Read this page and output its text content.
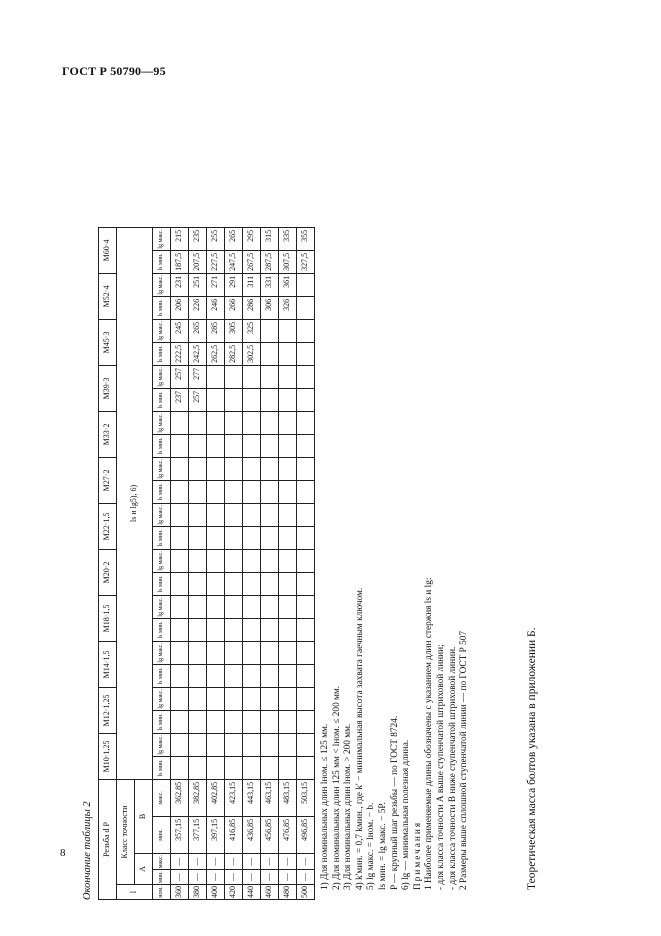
ГОСТ Р 50790—95
8 Окончание таблицы 2 Резьба d P					M10·1,25		M12·1,25		M14·1,5		M18·1,5		M20·2		M22·1,5		M27·2		M33·2		M39·3		M45·3		M52·4		M60·4	
l	Класс точности				ls и lg5), 6)																							
	А		В																									
ном.	мин.	макс.	мин.	макс.	ls мин.	lg макс.	ls мин.	lg макс.	ls мин.	lg макс.	ls мин.	lg макс.	ls мин.	lg макс.	ls мин.	lg макс.	ls мин.	lg макс.	ls мин.	lg макс.	ls мин.	lg макс.	ls мин.	lg макс.	ls мин.	lg макс.	ls мин.	lg макс.
360	—	—	357,15	362,85																	237	257	222,5	245	206	231	187,5	215
380	—	—	377,15	382,85																	257	277	242,5	265	226	251	207,5	235
400	—	—	397,15	402,85																			262,5	285	246	271	227,5	255
420	—	—	416,85	423,15																			282,5	305	266	291	247,5	265
440	—	—	436,85	443,15																			302,5	325	286	311	267,5	295
460	—	—	456,85	463,15																					306	331	287,5	315
480	—	—	476,85	483,15																					326	361	307,5	335
500	—	—	496,85	503,15																							327,5	355
1) Для номинальных длин lном. ≤ 125 мм. 2) Для номинальных длин 125 мм < lном. ≤ 200 мм. 3) Для номинальных длин lном. > 200 мм. 4) k'мин. = 0,7 kмин., где k' − минимальная высота захвата гаечным ключом. 5) lg макс. = lном. − b. ls мин. = lg макс. − 5P. P — крупный шаг резьбы — по ГОСТ 8724. 6) lg — минимальная полезная длина. Примечания 1 Наиболее применяемые длины обозначены с указанием длин стержня ls и lg: - для класса точности А выше ступенчатой штриховой линии; - для класса точности В ниже ступенчатой штриховой линии. 2 Размеры выше сплошной ступенчатой линии — по ГОСТ Р 507	Теоретическая масса болтов указана в приложении Б.
